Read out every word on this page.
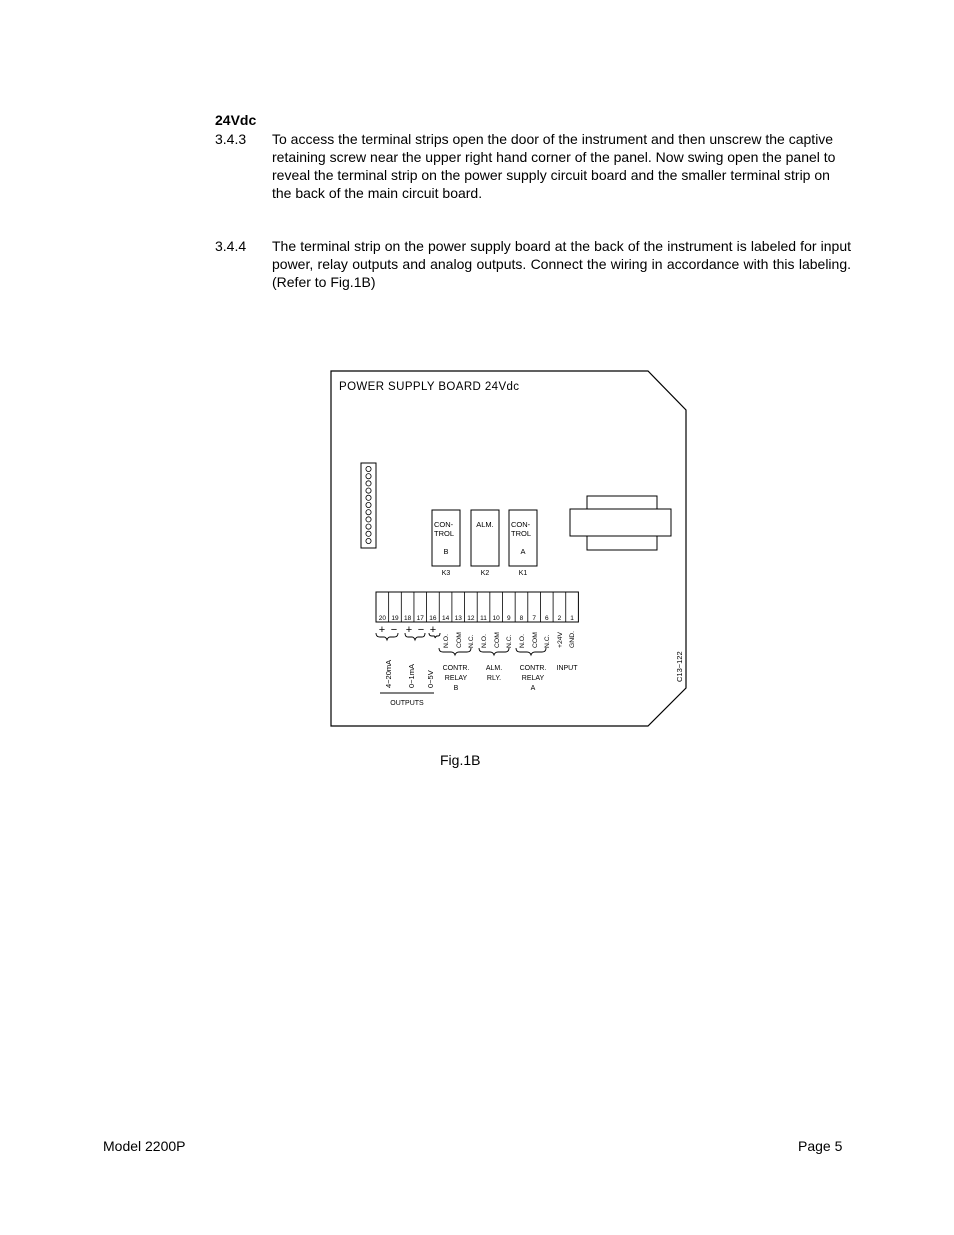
24Vdc
3.4.3 To access the terminal strips open the door of the instrument and then unscrew the captive retaining screw near the upper right hand corner of the panel. Now swing open the panel to reveal the terminal strip on the power supply circuit board and the smaller terminal strip on the back of the main circuit board.
3.4.4 The terminal strip on the power supply board at the back of the instrument is labeled for input power, relay outputs and analog outputs. Connect the wiring in accordance with this labeling. (Refer to Fig.1B)
POWER SUPPLY BOARD 24Vdc
CON-
TROL
B
K3
ALM.
K2
CON-
TROL
A
K1
20 19 18 17 16 14 13 12 11 10 9 8 7 6 2 1
+ − + − +
N.O. COM N.C. N.O. COM N.C. N.O. COM N.C. +24V GND.
4−20mA 0−1mA 0−5V
OUTPUTS
CONTR.
RELAY
B
ALM.
RLY.
CONTR.
RELAY
A
INPUT	C13−122
Fig.1B
Model 2200P	Page 5
